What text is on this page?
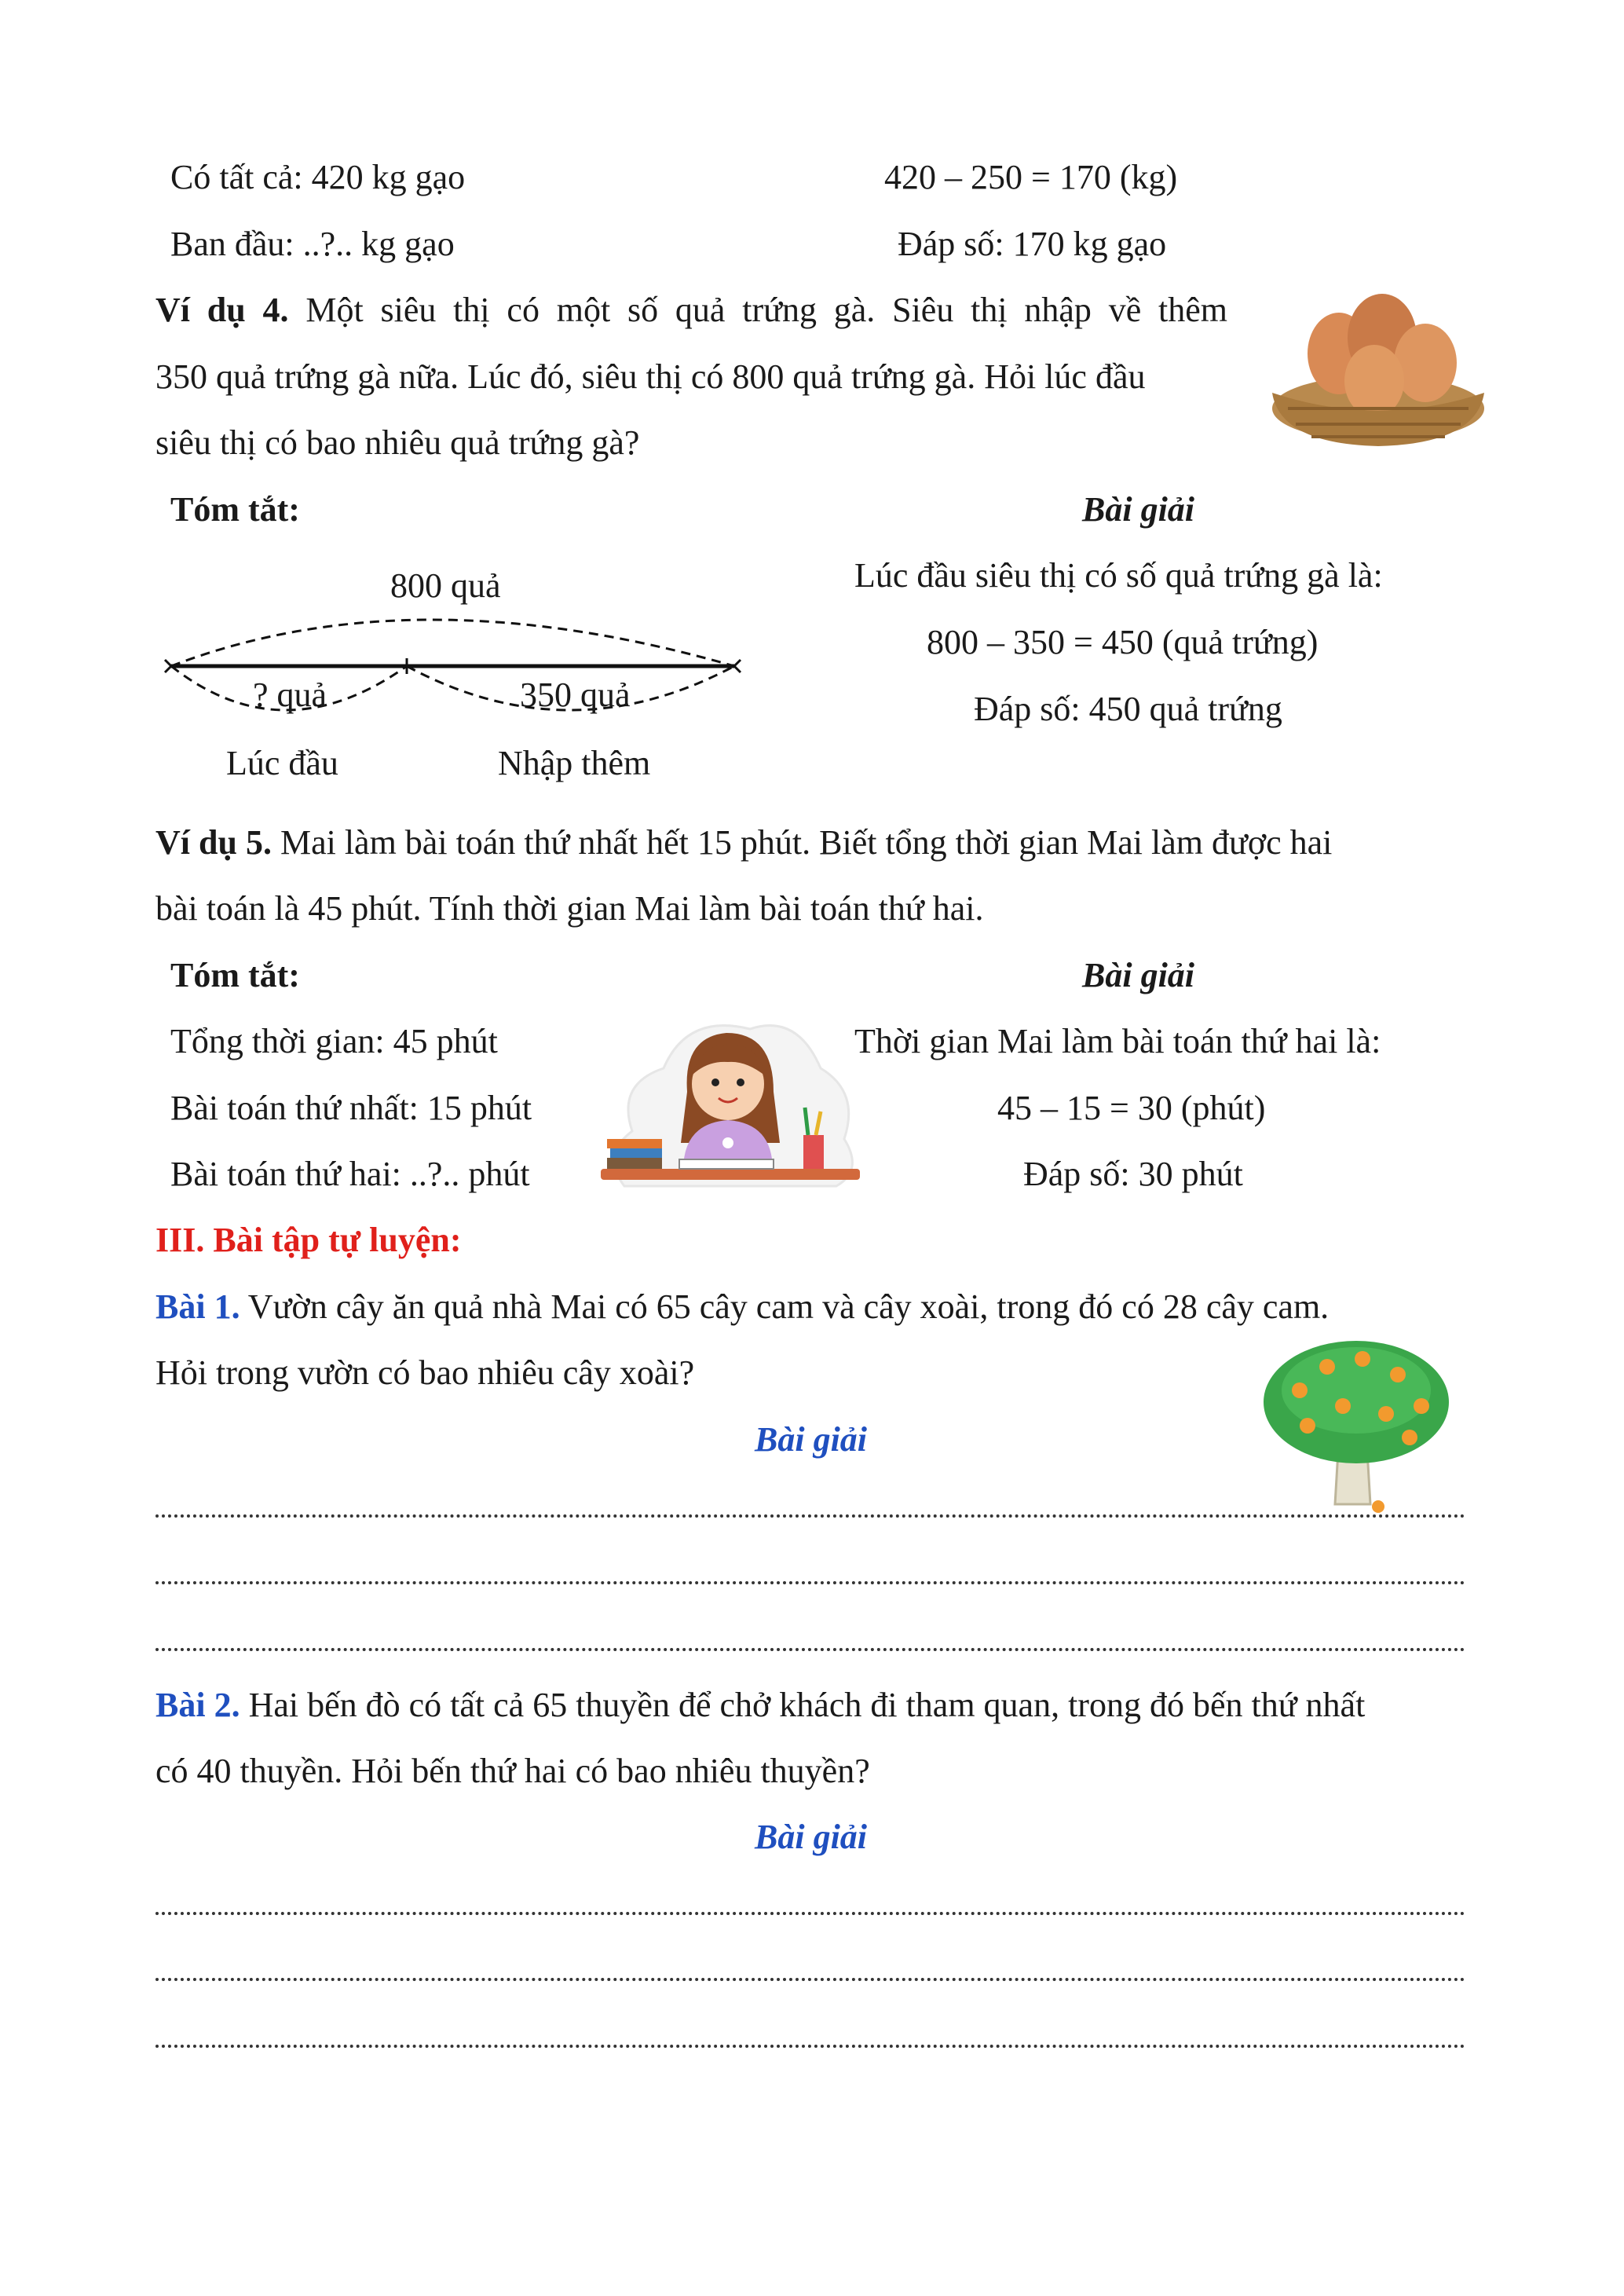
Có tất cả: 420 kg gạo
Ban đầu: ..?.. kg gạo
420 – 250 = 170 (kg)
Đáp số: 170 kg gạo
Ví dụ 4. Một siêu thị có một số quả trứng gà. Siêu thị nhập về thêm
350 quả trứng gà nữa. Lúc đó, siêu thị có 800 quả trứng gà. Hỏi lúc đầu
siêu thị có bao nhiêu quả trứng gà?
Tóm tắt:	Bài giải
800 quả
? quả	350 quả
Lúc đầu	Nhập thêm
Lúc đầu siêu thị có số quả trứng gà là:
800 – 350 = 450 (quả trứng)
Đáp số: 450 quả trứng
Ví dụ 5. Mai làm bài toán thứ nhất hết 15 phút. Biết tổng thời gian Mai làm được hai
bài toán là 45 phút. Tính thời gian Mai làm bài toán thứ hai.
Tóm tắt:	Bài giải
Tổng thời gian: 45 phút
Bài toán thứ nhất: 15 phút
Bài toán thứ hai: ..?.. phút
Thời gian Mai làm bài toán thứ hai là:
45 – 15 = 30 (phút)
Đáp số: 30 phút
III. Bài tập tự luyện:
Bài 1. Vườn cây ăn quả nhà Mai có 65 cây cam và cây xoài, trong đó có 28 cây cam.
Hỏi trong vườn có bao nhiêu cây xoài?
Bài giải
Bài 2. Hai bến đò có tất cả 65 thuyền để chở khách đi tham quan, trong đó bến thứ nhất
có 40 thuyền. Hỏi bến thứ hai có bao nhiêu thuyền?
Bài giải
